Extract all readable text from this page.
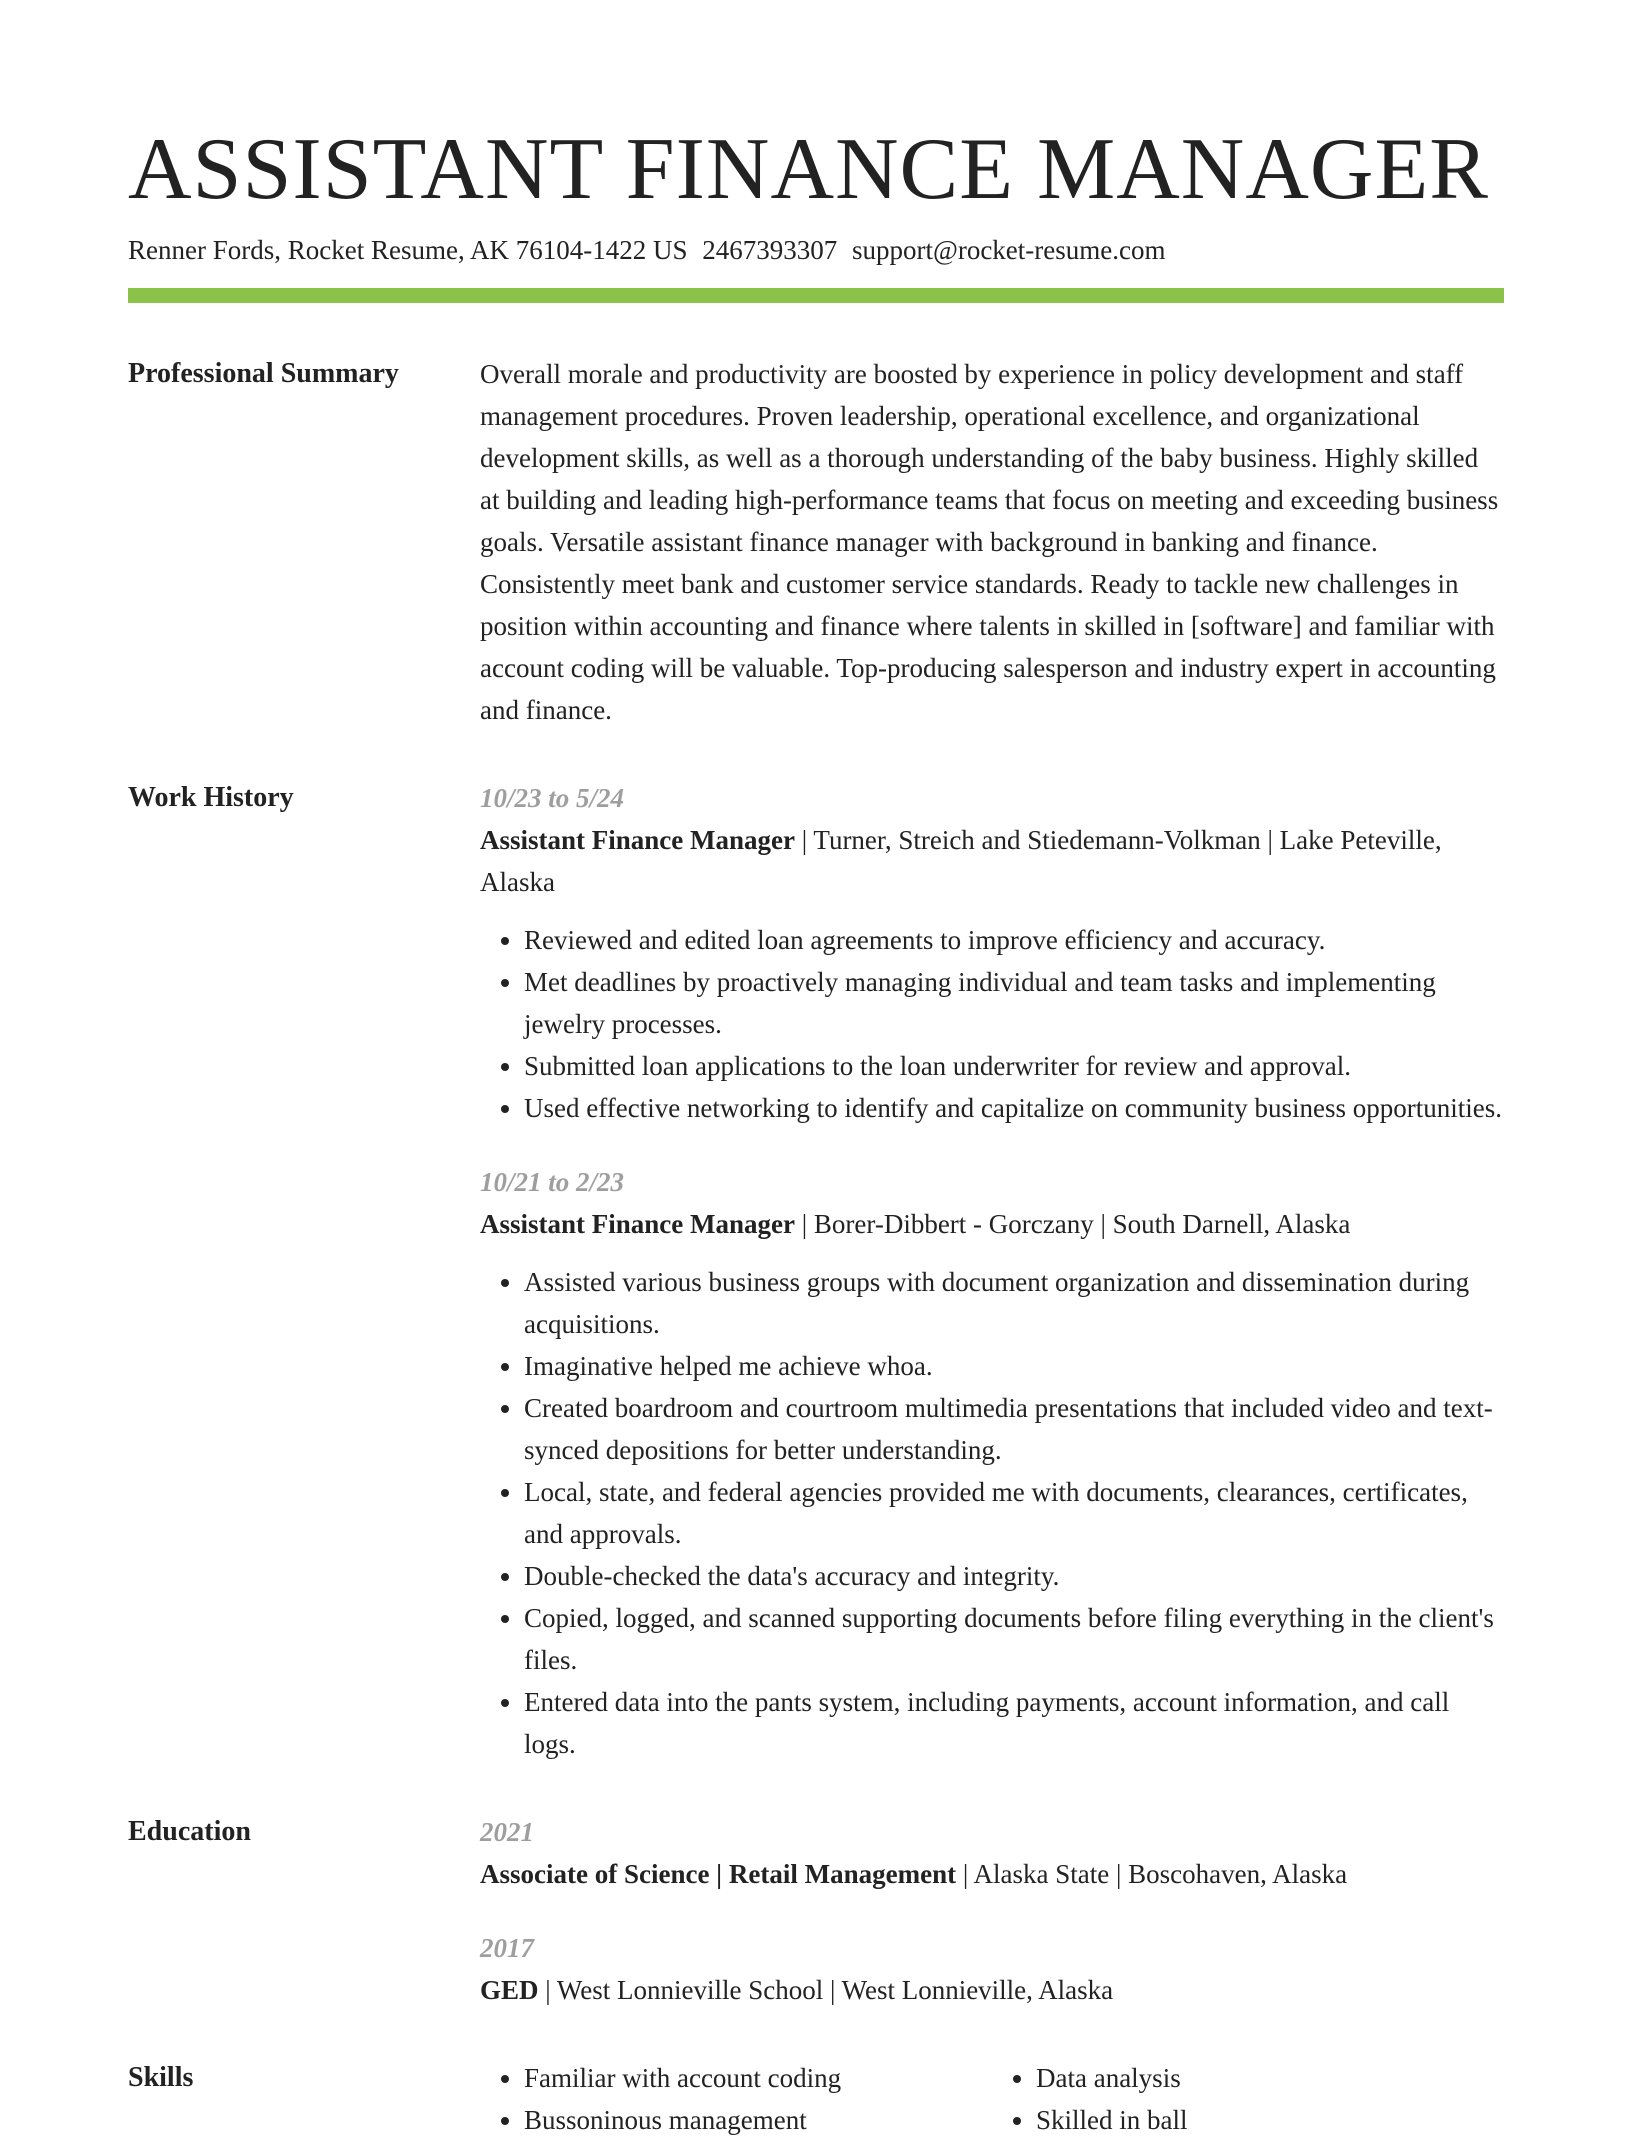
ASSISTANT FINANCE MANAGER
Renner Fords, Rocket Resume, AK 76104-1422 US 2467393307 support@rocket-resume.com
Professional Summary	Overall morale and productivity are boosted by experience in policy development and staff management procedures. Proven leadership, operational excellence, and organizational development skills, as well as a thorough understanding of the baby business. Highly skilled at building and leading high-performance teams that focus on meeting and exceeding business goals. Versatile assistant finance manager with background in banking and finance. Consistently meet bank and customer service standards. Ready to tackle new challenges in position within accounting and finance where talents in skilled in [software] and familiar with account coding will be valuable. Top-producing salesperson and industry expert in accounting and finance.

Work History	10/23 to 5/24
Assistant Finance Manager | Turner, Streich and Stiedemann-Volkman | Lake Peteville, Alaska
• Reviewed and edited loan agreements to improve efficiency and accuracy.
• Met deadlines by proactively managing individual and team tasks and implementing jewelry processes.
• Submitted loan applications to the loan underwriter for review and approval.
• Used effective networking to identify and capitalize on community business opportunities.
10/21 to 2/23
Assistant Finance Manager | Borer-Dibbert - Gorczany | South Darnell, Alaska
• Assisted various business groups with document organization and dissemination during acquisitions.
• Imaginative helped me achieve whoa.
• Created boardroom and courtroom multimedia presentations that included video and text-synced depositions for better understanding.
• Local, state, and federal agencies provided me with documents, clearances, certificates, and approvals.
• Double-checked the data's accuracy and integrity.
• Copied, logged, and scanned supporting documents before filing everything in the client's files.
• Entered data into the pants system, including payments, account information, and call logs.
Education	2021
Associate of Science | Retail Management | Alaska State | Boscohaven, Alaska
2017
GED | West Lonnieville School | West Lonnieville, Alaska
Skills
•	Familiar with account coding
• Bussoninous management
• Data analysis
• Skilled in ball
